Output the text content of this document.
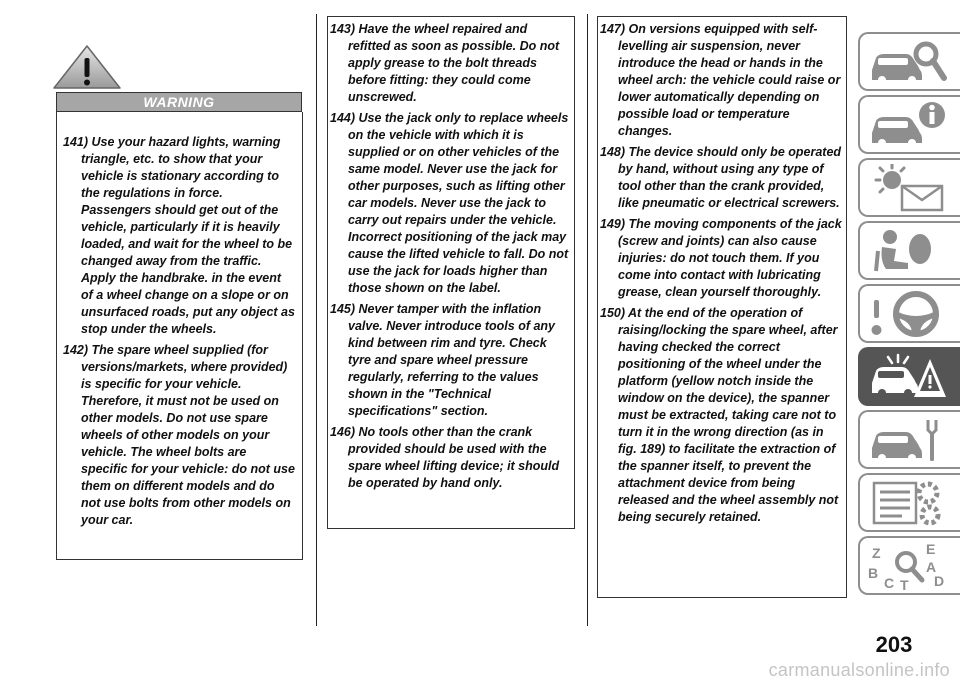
WARNING

141) Use your hazard lights, warning triangle, etc. to show that your vehicle is stationary according to the regulations in force. Passengers should get out of the vehicle, particularly if it is heavily loaded, and wait for the wheel to be changed away from the traffic. Apply the handbrake. in the event of a wheel change on a slope or on unsurfaced roads, put any object as stop under the wheels.

142) The spare wheel supplied (for versions/markets, where provided) is specific for your vehicle. Therefore, it must not be used on other models. Do not use spare wheels of other models on your vehicle. The wheel bolts are specific for your vehicle: do not use them on different models and do not use bolts from other models on your car.

143) Have the wheel repaired and refitted as soon as possible. Do not apply grease to the bolt threads before fitting: they could come unscrewed.

144) Use the jack only to replace wheels on the vehicle with which it is supplied or on other vehicles of the same model. Never use the jack for other purposes, such as lifting other car models. Never use the jack to carry out repairs under the vehicle. Incorrect positioning of the jack may cause the lifted vehicle to fall. Do not use the jack for loads higher than those shown on the label.

145) Never tamper with the inflation valve. Never introduce tools of any kind between rim and tyre. Check tyre and spare wheel pressure regularly, referring to the values shown in the "Technical specifications" section.

146) No tools other than the crank provided should be used with the spare wheel lifting device; it should be operated by hand only.

147) On versions equipped with self-levelling air suspension, never introduce the head or hands in the wheel arch: the vehicle could raise or lower automatically depending on possible load or temperature changes.

148) The device should only be operated by hand, without using any type of tool other than the crank provided, like pneumatic or electrical screwers.

149) The moving components of the jack (screw and joints) can also cause injuries: do not touch them. If you come into contact with lubricating grease, clean yourself thoroughly.

150) At the end of the operation of raising/locking the spare wheel, after having checked the correct positioning of the wheel under the platform (yellow notch inside the window on the device), the spanner must be extracted, taking care not to turn it in the wrong direction (as in fig. 189) to facilitate the extraction of the spanner itself, to prevent the attachment device from being released and the wheel assembly not being securely retained.

Z	E
B	A
C T D
203
carmanualsonline.info
